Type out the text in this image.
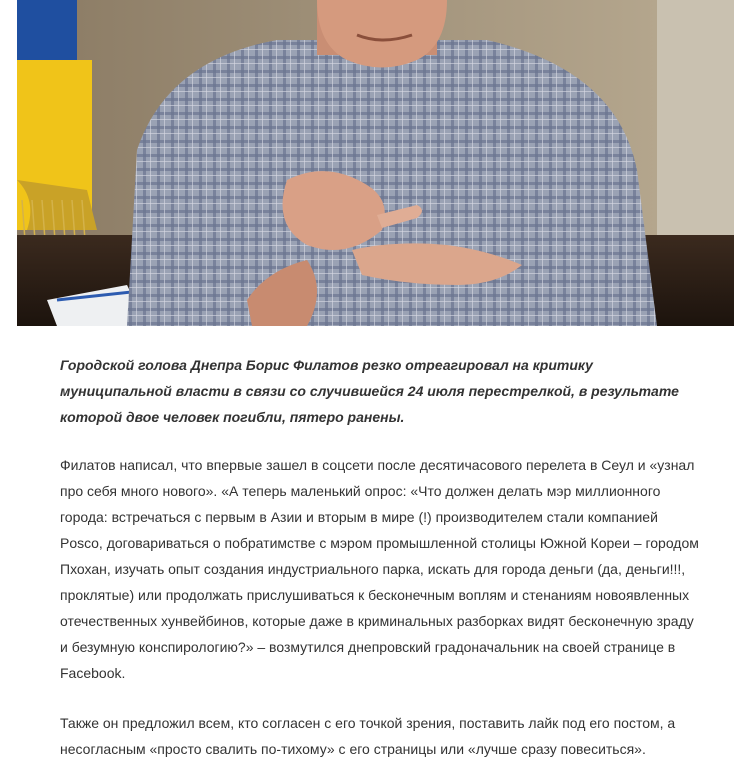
Городской голова Днепра Борис Филатов резко отреагировал на критику муниципальной власти в связи со случившейся 24 июля перестрелкой, в результате которой двое человек погибли, пятеро ранены.

Филатов написал, что впервые зашел в соцсети после десятичасового перелета в Сеул и «узнал про себя много нового». «А теперь маленький опрос: «Что должен делать мэр миллионного города: встречаться с первым в Азии и вторым в мире (!) производителем стали компанией Posco, договариваться о побратимстве с мэром промышленной столицы Южной Кореи – городом Пхохан, изучать опыт создания индустриального парка, искать для города деньги (да, деньги!!!, проклятые) или продолжать прислушиваться к бесконечным воплям и стенаниям новоявленных отечественных хунвейбинов, которые даже в криминальных разборках видят бесконечную зраду и безумную конспирологию?» – возмутился днепровский градоначальник на своей странице в Facebook.

Также он предложил всем, кто согласен с его точкой зрения, поставить лайк под его постом, а несогласным «просто свалить по-тихому» с его страницы или «лучше сразу повеситься».
